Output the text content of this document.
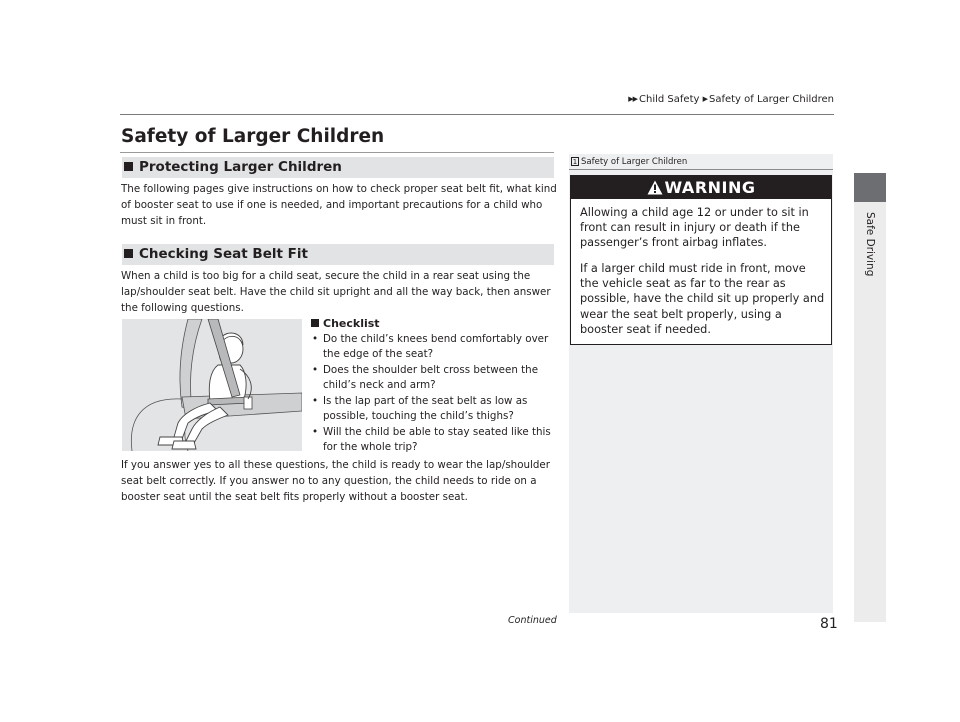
▶▶ Child Safety ▶ Safety of Larger Children
Safe Driving
Safety of Larger Children
Protecting Larger Children
The following pages give instructions on how to check proper seat belt fit, what kind of booster seat to use if one is needed, and important precautions for a child who must sit in front.
Checking Seat Belt Fit
When a child is too big for a child seat, secure the child in a rear seat using the lap/shoulder seat belt. Have the child sit upright and all the way back, then answer the following questions.
Checklist
• Do the child’s knees bend comfortably over the edge of the seat?
• Does the shoulder belt cross between the child’s neck and arm?
• Is the lap part of the seat belt as low as possible, touching the child’s thighs?
• Will the child be able to stay seated like this for the whole trip?
If you answer yes to all these questions, the child is ready to wear the lap/shoulder seat belt correctly. If you answer no to any question, the child needs to ride on a booster seat until the seat belt fits properly without a booster seat.
1 Safety of Larger Children
WARNING
Allowing a child age 12 or under to sit in front can result in injury or death if the passenger’s front airbag inflates.
If a larger child must ride in front, move the vehicle seat as far to the rear as possible, have the child sit up properly and wear the seat belt properly, using a booster seat if needed.
Continued	81
